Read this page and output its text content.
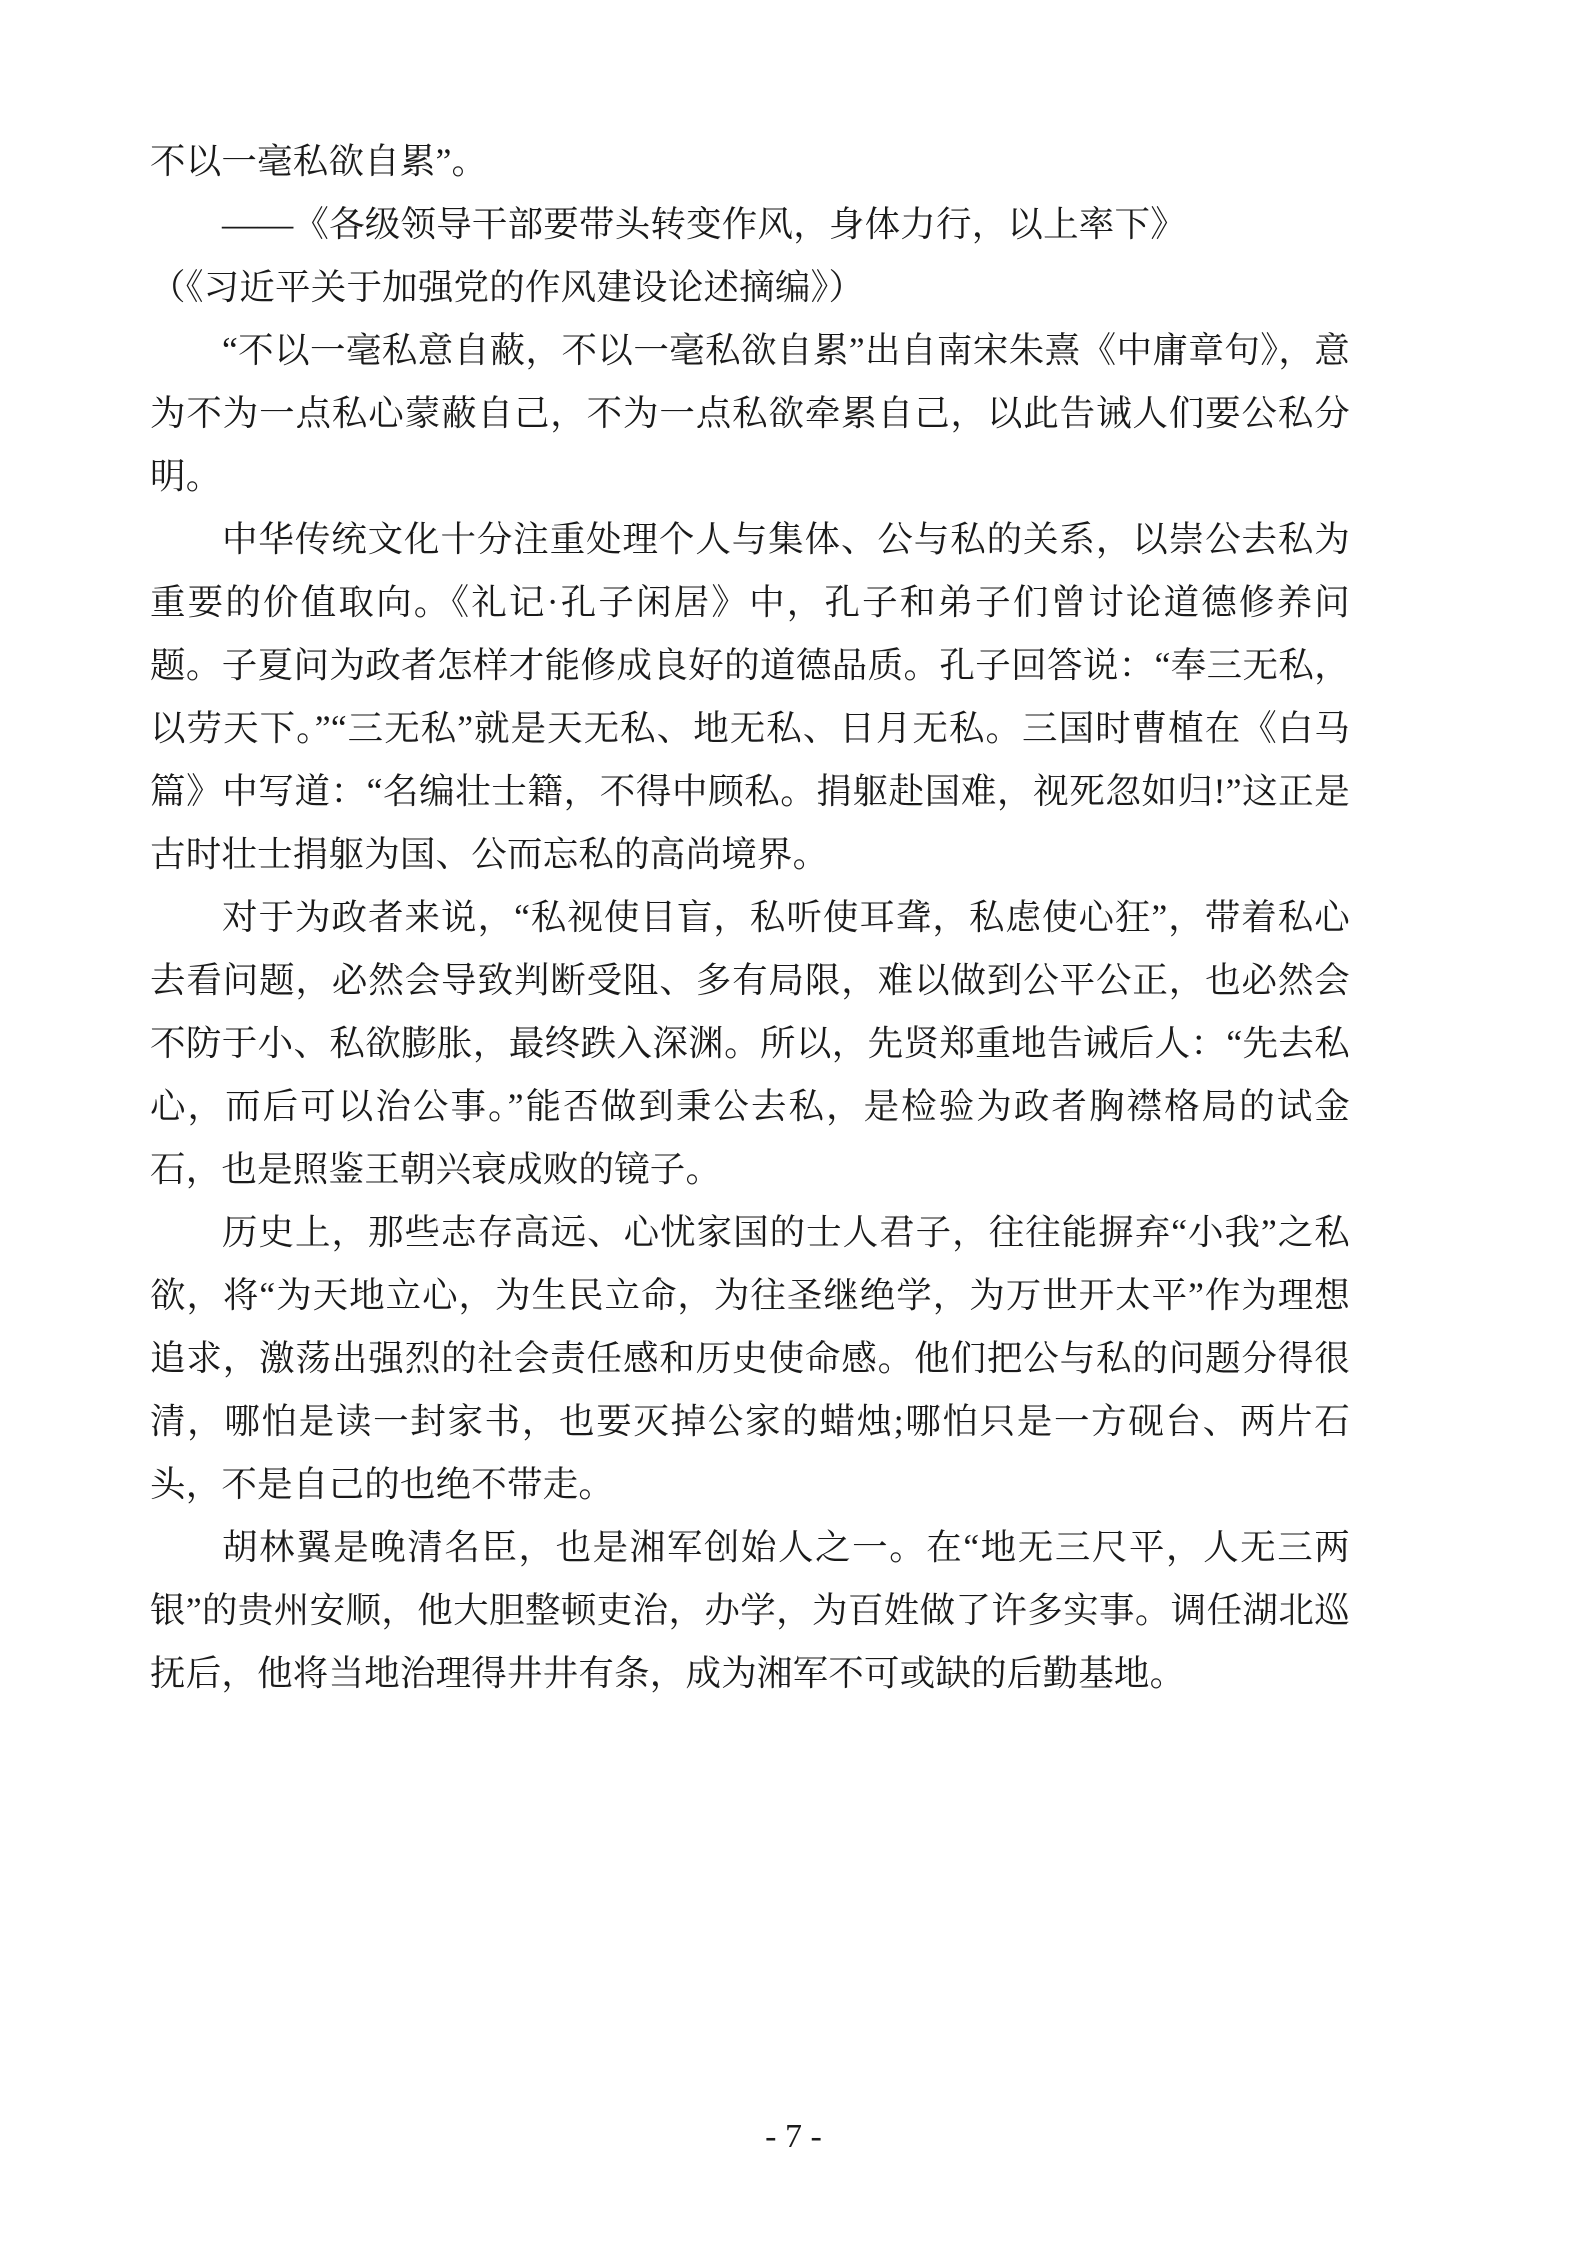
不以一毫私欲自累”。

——《各级领导干部要带头转变作风，身体力行，以上率下》

（《习近平关于加强党的作风建设论述摘编》）

“不以一毫私意自蔽，不以一毫私欲自累”出自南宋朱熹《中庸章句》，意为不为一点私心蒙蔽自己，不为一点私欲牵累自己，以此告诫人们要公私分明。

中华传统文化十分注重处理个人与集体、公与私的关系，以崇公去私为重要的价值取向。《礼记·孔子闲居》中，孔子和弟子们曾讨论道德修养问题。子夏问为政者怎样才能修成良好的道德品质。孔子回答说：“奉三无私，以劳天下。”“三无私”就是天无私、地无私、日月无私。三国时曹植在《白马篇》中写道：“名编壮士籍，不得中顾私。捐躯赴国难，视死忽如归!”这正是古时壮士捐躯为国、公而忘私的高尚境界。

对于为政者来说，“私视使目盲，私听使耳聋，私虑使心狂”，带着私心去看问题，必然会导致判断受阻、多有局限，难以做到公平公正，也必然会不防于小、私欲膨胀，最终跌入深渊。所以，先贤郑重地告诫后人：“先去私心，而后可以治公事。”能否做到秉公去私，是检验为政者胸襟格局的试金石，也是照鉴王朝兴衰成败的镜子。

历史上，那些志存高远、心忧家国的士人君子，往往能摒弃“小我”之私欲，将“为天地立心，为生民立命，为往圣继绝学，为万世开太平”作为理想追求，激荡出强烈的社会责任感和历史使命感。他们把公与私的问题分得很清，哪怕是读一封家书，也要灭掉公家的蜡烛;哪怕只是一方砚台、两片石头，不是自己的也绝不带走。

胡林翼是晚清名臣，也是湘军创始人之一。在“地无三尺平，人无三两银”的贵州安顺，他大胆整顿吏治，办学，为百姓做了许多实事。调任湖北巡抚后，他将当地治理得井井有条，成为湘军不可或缺的后勤基地。

- 7 -
